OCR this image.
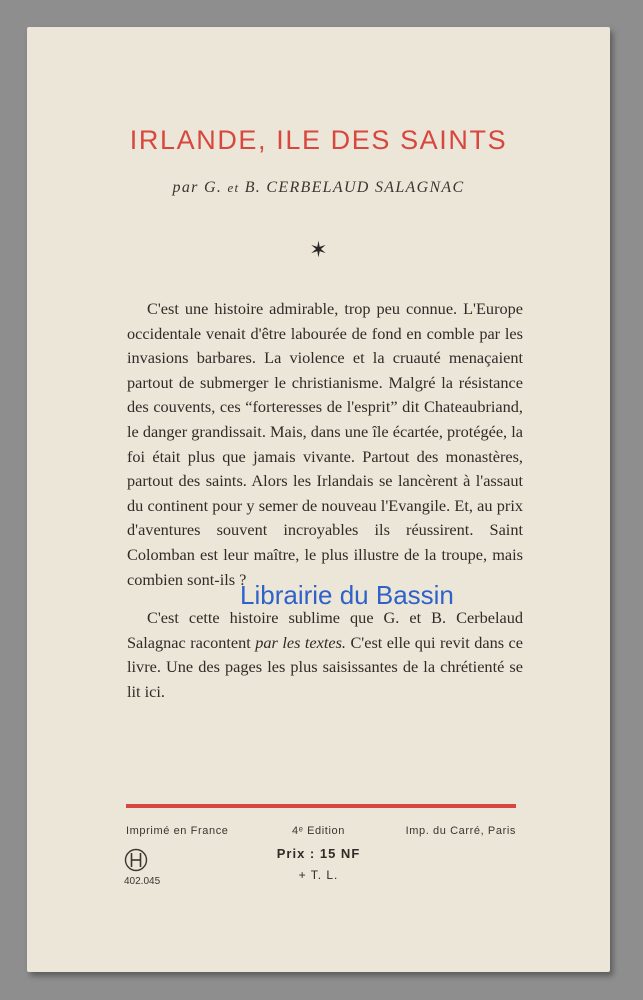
IRLANDE, ILE DES SAINTS
par G. et B. CERBELAUD SALAGNAC
✶

C'est une histoire admirable, trop peu connue. L'Europe occidentale venait d'être labourée de fond en comble par les invasions barbares. La violence et la cruauté menaçaient partout de submerger le christianisme. Malgré la résistance des couvents, ces “forteresses de l'esprit” dit Chateaubriand, le danger grandissait. Mais, dans une île écartée, protégée, la foi était plus que jamais vivante. Partout des monastères, partout des saints. Alors les Irlandais se lancèrent à l'assaut du continent pour y semer de nouveau l'Evangile. Et, au prix d'aventures souvent incroyables ils réussirent. Saint Colomban est leur maître, le plus illustre de la troupe, mais combien sont-ils ?

C'est cette histoire sublime que G. et B. Cerbelaud Salagnac racontent par les textes. C'est elle qui revit dans ce livre. Une des pages les plus saisissantes de la chrétienté se lit ici.

Imprimé en France	4ᵉ Edition	Imp. du Carré, Paris
Prix : 15 NF
+ T. L.
402.045
Librairie du Bassin
